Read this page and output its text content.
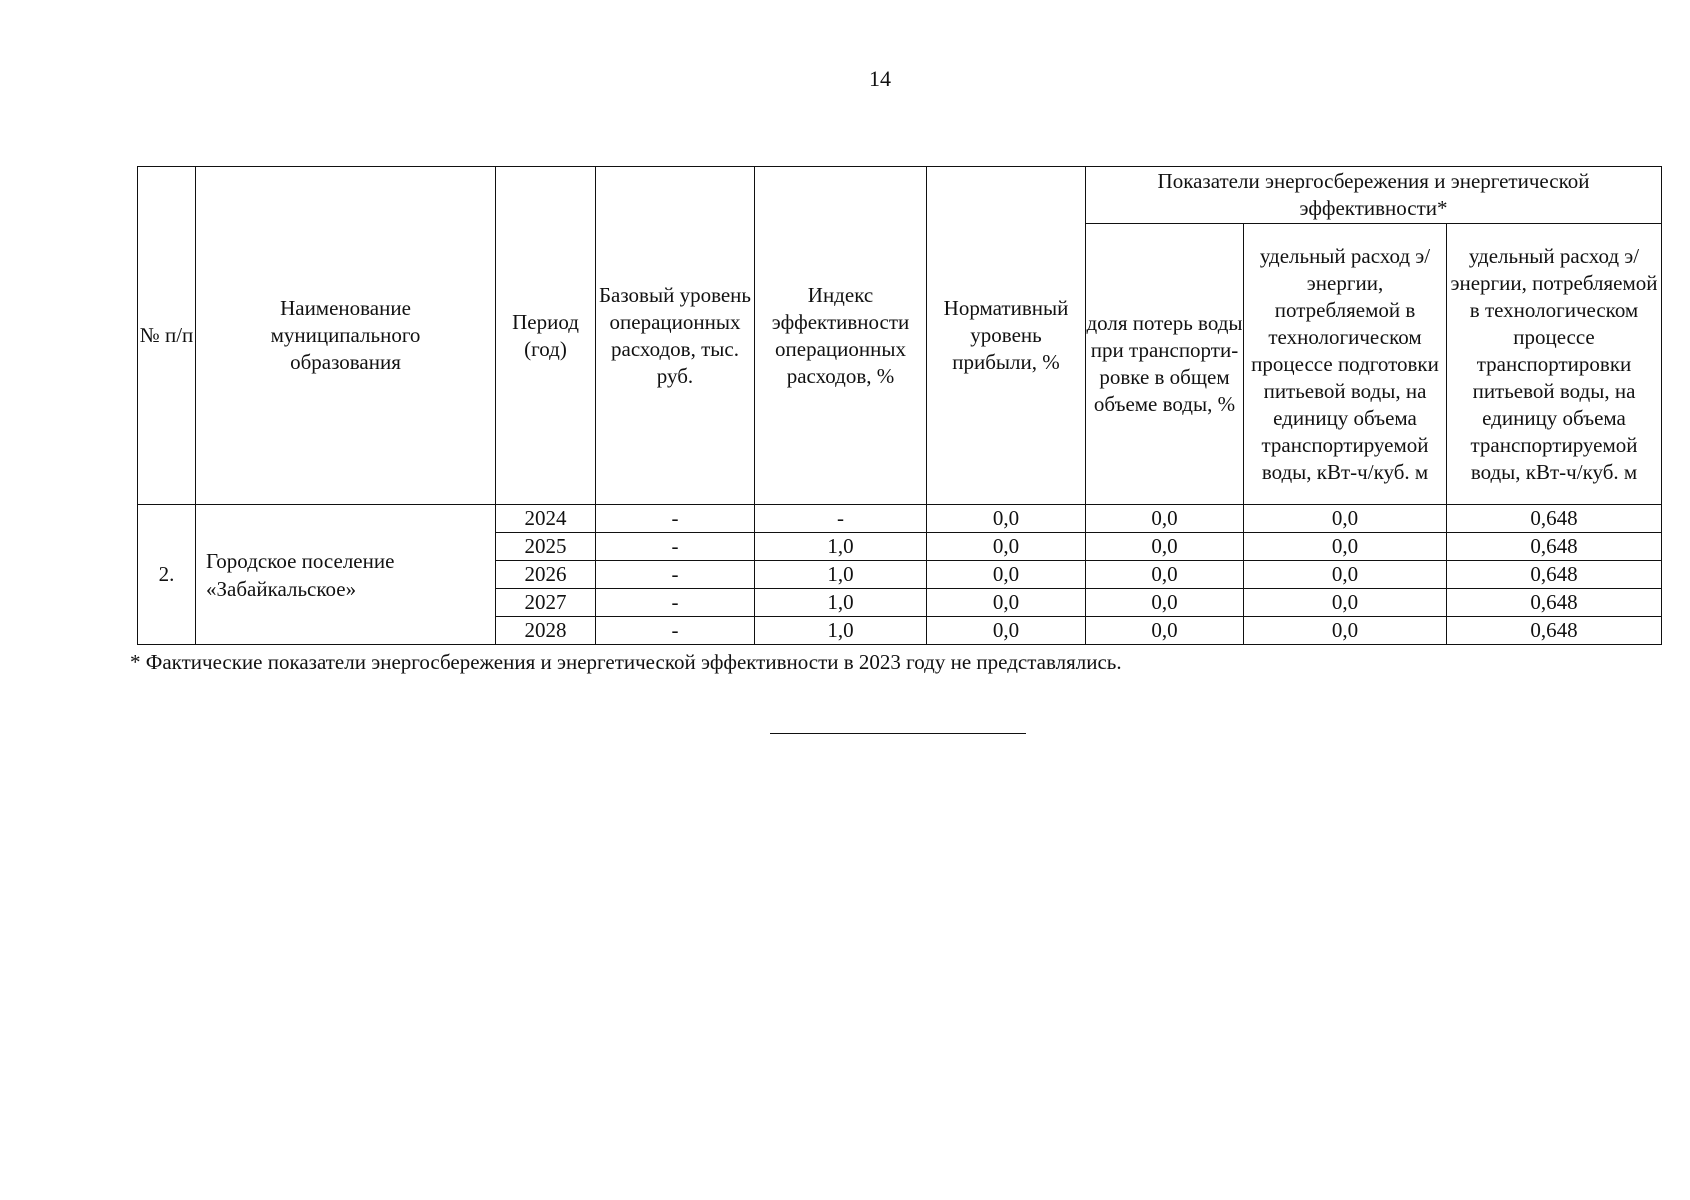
14
№ п/п	Наименование муниципального образования	Период (год)	Базовый уровень операционных расходов, тыс. руб.	Индекс эффективности операционных расходов, %	Нормативный уровень прибыли, %	Показатели энергосбережения и энергетической эффективности*		

						доля потерь воды при транспорти-ровке в общем объеме воды, %	удельный расход э/энергии, потребляемой в технологическом процессе подготовки питьевой воды, на единицу объема транспортируемой воды, кВт-ч/куб. м	удельный расход э/энергии, потребляемой в технологическом процессе транспортировки питьевой воды, на единицу объема транспортируемой воды, кВт-ч/куб. м

2.	Городское поселение «Забайкальское»	2024	-	-	0,0	0,0	0,0	0,648
		2025	-	1,0	0,0	0,0	0,0	0,648
		2026	-	1,0	0,0	0,0	0,0	0,648
		2027	-	1,0	0,0	0,0	0,0	0,648
		2028	-	1,0	0,0	0,0	0,0	0,648
* Фактические показатели энергосбережения и энергетической эффективности в 2023 году не представлялись.
